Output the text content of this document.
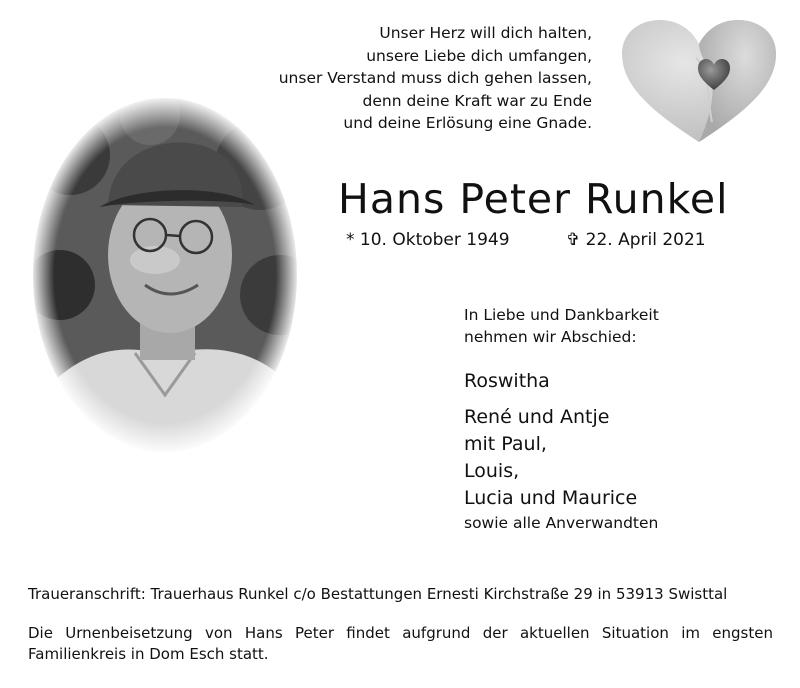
Unser Herz will dich halten,
unsere Liebe dich umfangen,
unser Verstand muss dich gehen lassen,
denn deine Kraft war zu Ende
und deine Erlösung eine Gnade.
Hans Peter Runkel
* 10. Oktober 1949	✞ 22. April 2021
In Liebe und Dankbarkeit
nehmen wir Abschied:
Roswitha
René und Antje
mit Paul,
Louis,
Lucia und Maurice
sowie alle Anverwandten
Traueranschrift: Trauerhaus Runkel c/o Bestattungen Ernesti Kirchstraße 29 in 53913 Swisttal
Die Urnenbeisetzung von Hans Peter findet aufgrund der aktuellen Situation im engsten Familienkreis in Dom Esch statt.
